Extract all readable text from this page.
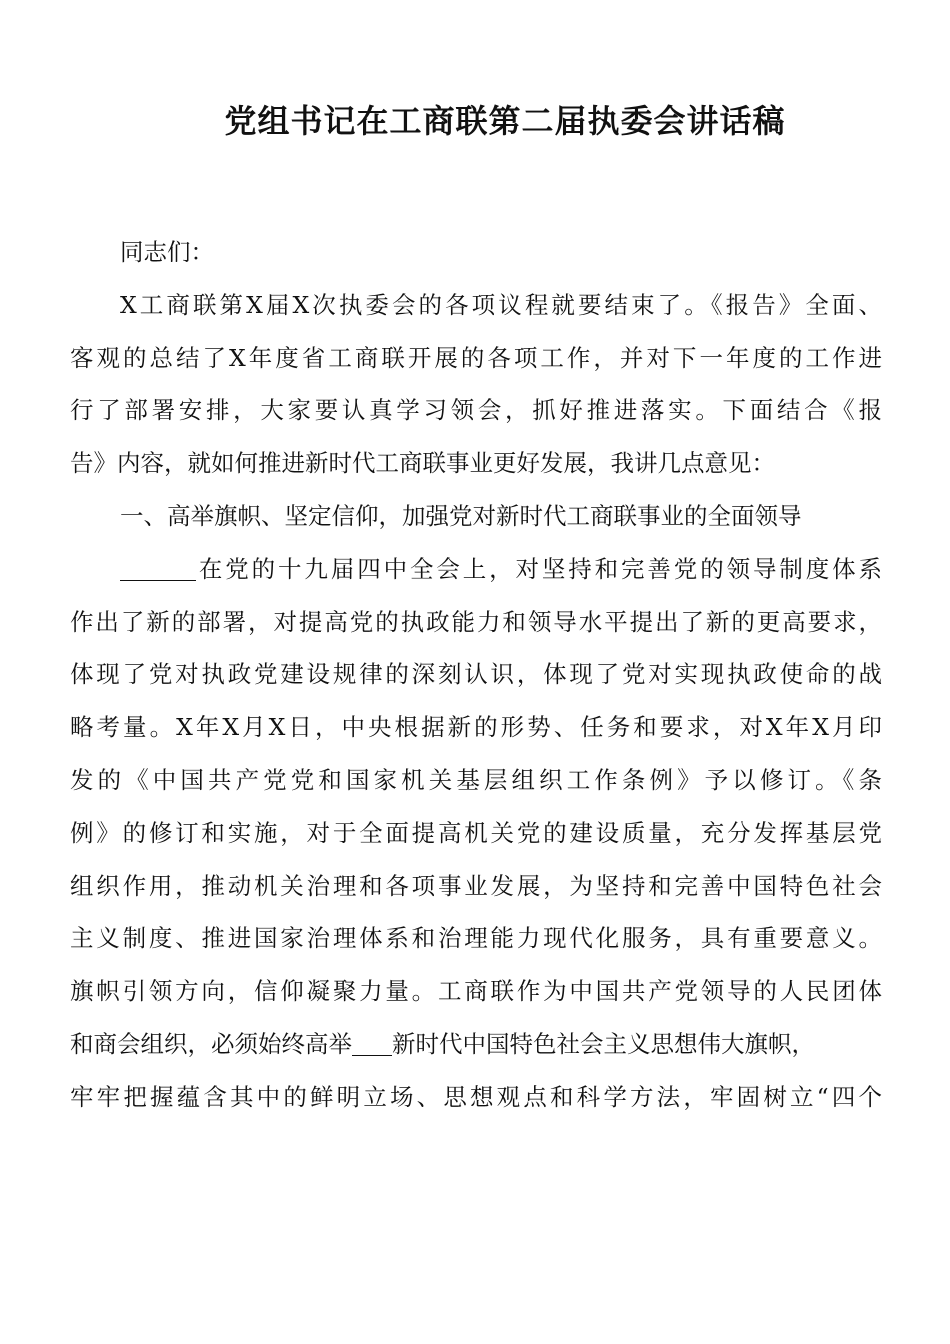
党组书记在工商联第二届执委会讲话稿
同志们：
X工商联第X届X次执委会的各项议程就要结束了。《报告》全面、
客观的总结了X年度省工商联开展的各项工作，并对下一年度的工作进
行了部署安排，大家要认真学习领会，抓好推进落实。下面结合《报
告》内容，就如何推进新时代工商联事业更好发展，我讲几点意见：
一、高举旗帜、坚定信仰，加强党对新时代工商联事业的全面领导
在党的十九届四中全会上，对坚持和完善党的领导制度体系
作出了新的部署，对提高党的执政能力和领导水平提出了新的更高要求，
体现了党对执政党建设规律的深刻认识，体现了党对实现执政使命的战
略考量。X年X月X日，中央根据新的形势、任务和要求，对X年X月印
发的《中国共产党党和国家机关基层组织工作条例》予以修订。《条
例》的修订和实施，对于全面提高机关党的建设质量，充分发挥基层党
组织作用，推动机关治理和各项事业发展，为坚持和完善中国特色社会
主义制度、推进国家治理体系和治理能力现代化服务，具有重要意义。
旗帜引领方向，信仰凝聚力量。工商联作为中国共产党领导的人民团体
和商会组织，必须始终高举 新时代中国特色社会主义思想伟大旗帜，
牢牢把握蕴含其中的鲜明立场、思想观点和科学方法，牢固树立“四个
